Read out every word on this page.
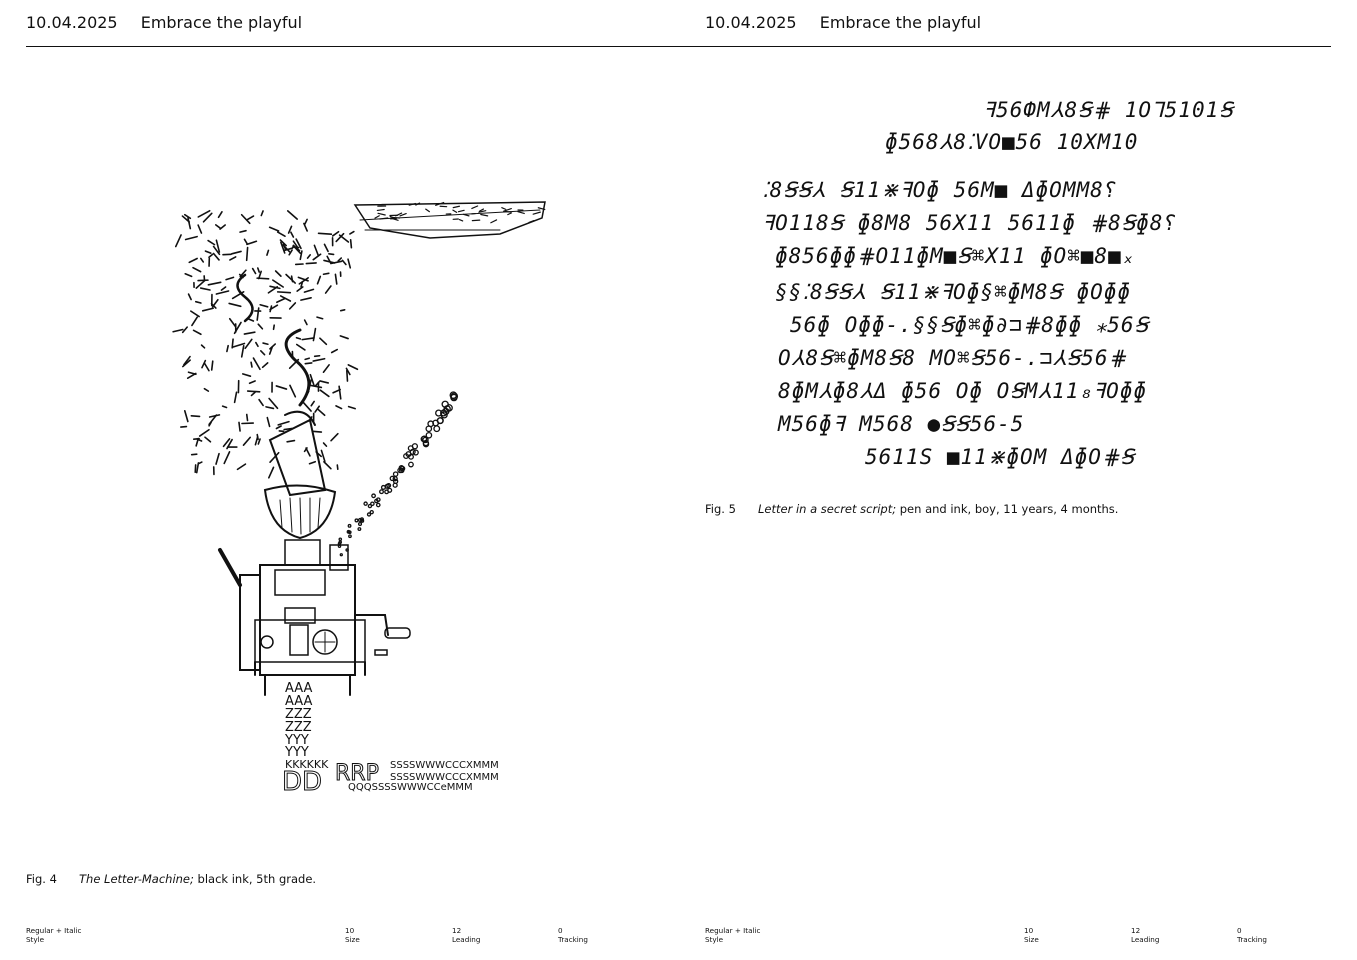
10.04.2025 Embrace the playful	10.04.2025 Embrace the playful
AAA
AAA
ZZZ
ZZZ
YYY
YYY
KKKKKK
DD RRP SSSSWWWCCCXMMM
SSSSWWWCCCXMMM
QQQSSSSWWWCCeMMM
Fig. 4 The Letter-Machine; black ink, 5th grade.
ꟻ56ФМ⅄8Ꞩ⋕ 1O⅂5101Ꞩ
ɸ568⅄8⁚VO■56 10XM10
⁚8ꞨꞨ⅄ Ꞩ11⋇ꟻOɸ 56M■ ΔɸOMM8⸮
ꟻO118Ꞩ ɸ8M8 56X11 5611ɸ ⋕8Ꞩɸ8⸮
ɸ856ɸɸ⋕O11ɸM■Ꞩ⌘X11 ɸO⌘■8■ₓ
§§⁚8ꞨꞨ⅄ Ꞩ11⋇ꟻOɸ§⌘ɸM8Ꞩ ɸOɸɸ
56ɸ Oɸɸ-.§§Ꞩɸ⌘ɸ∂⊐⋕8ɸɸ ⁎56Ꞩ
O⅄8Ꞩ⌘ɸM8Ꞩ8 MO⌘Ꞩ56-.⊐⅄Ꞩ56⋕
8ɸM⅄ɸ8⅄Δ ɸ56 Oɸ OꞨM⅄11₈ꟻOɸɸ
M56ɸꟻ M568 ●ꞨꞨ56-5
5611S ■11⋇ɸOM ΔɸO⋕Ꞩ
Fig. 5 Letter in a secret script; pen and ink, boy, 11 years, 4 months.
Regular + Italic
Style
10
Size
12
Leading
0
Tracking
Regular + Italic
Style
10
Size
12
Leading
0
Tracking
